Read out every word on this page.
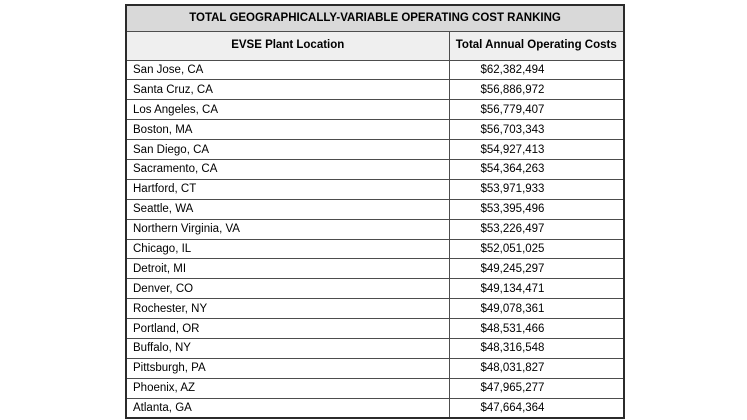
TOTAL GEOGRAPHICALLY-VARIABLE OPERATING COST RANKING	
EVSE Plant Location	Total Annual Operating Costs
San Jose, CA	$62,382,494
Santa Cruz, CA	$56,886,972
Los Angeles, CA	$56,779,407
Boston, MA	$56,703,343
San Diego, CA	$54,927,413
Sacramento, CA	$54,364,263
Hartford, CT	$53,971,933
Seattle, WA	$53,395,496
Northern Virginia, VA	$53,226,497
Chicago, IL	$52,051,025
Detroit, MI	$49,245,297
Denver, CO	$49,134,471
Rochester, NY	$49,078,361
Portland, OR	$48,531,466
Buffalo, NY	$48,316,548
Pittsburgh, PA	$48,031,827
Phoenix, AZ	$47,965,277
Atlanta, GA	$47,664,364
